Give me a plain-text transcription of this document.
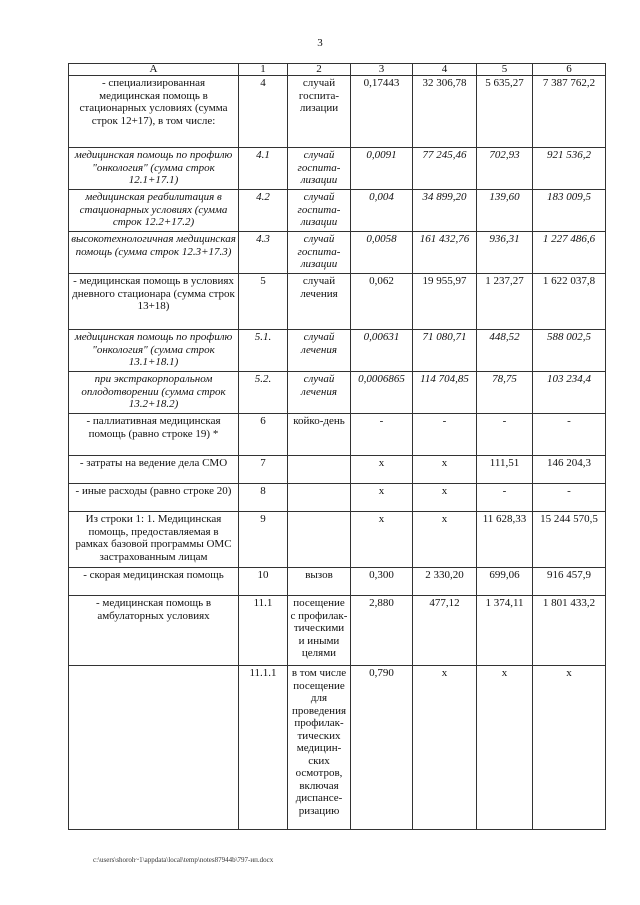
3
А	1	2	3	4	5	6
- специализированная медицинская помощь в стационарных условиях (сумма строк 12+17), в том числе:	4	случай госпита-лизации	0,17443	32 306,78	5 635,27	7 387 762,2
медицинская помощь по профилю "онкология" (сумма строк 12.1+17.1)	4.1	случай госпита-лизации	0,0091	77 245,46	702,93	921 536,2
медицинская реабилитация в стационарных условиях (сумма строк 12.2+17.2)	4.2	случай госпита-лизации	0,004	34 899,20	139,60	183 009,5
высокотехнологичная медицинская помощь (сумма строк 12.3+17.3)	4.3	случай госпита-лизации	0,0058	161 432,76	936,31	1 227 486,6
- медицинская помощь в условиях дневного стационара (сумма строк 13+18)	5	случай лечения	0,062	19 955,97	1 237,27	1 622 037,8
медицинская помощь по профилю "онкология" (сумма строк 13.1+18.1)	5.1.	случай лечения	0,00631	71 080,71	448,52	588 002,5
при экстракорпоральном оплодотворении (сумма строк 13.2+18.2)	5.2.	случай лечения	0,0006865	114 704,85	78,75	103 234,4
- паллиативная медицинская помощь (равно строке 19) *	6	койко-день	-	-	-	-
- затраты на ведение дела СМО	7		х	х	111,51	146 204,3
- иные расходы (равно строке 20)	8		х	х	-	-
Из строки 1: 1. Медицинская помощь, предоставляемая в рамках базовой программы ОМС застрахованным лицам	9		х	х	11 628,33	15 244 570,5
- скорая медицинская помощь	10	вызов	0,300	2 330,20	699,06	916 457,9
- медицинская помощь в амбулаторных условиях	11.1	посещение с профилак-тическими и иными целями	2,880	477,12	1 374,11	1 801 433,2
	11.1.1	в том числе посещение для проведения профилак-тических медицин-ских осмотров, включая диспансе-ризацию	0,790	х	х	х
c:\users\shoroh~1\appdata\local\temp\notes87944b\797-ип.docx
